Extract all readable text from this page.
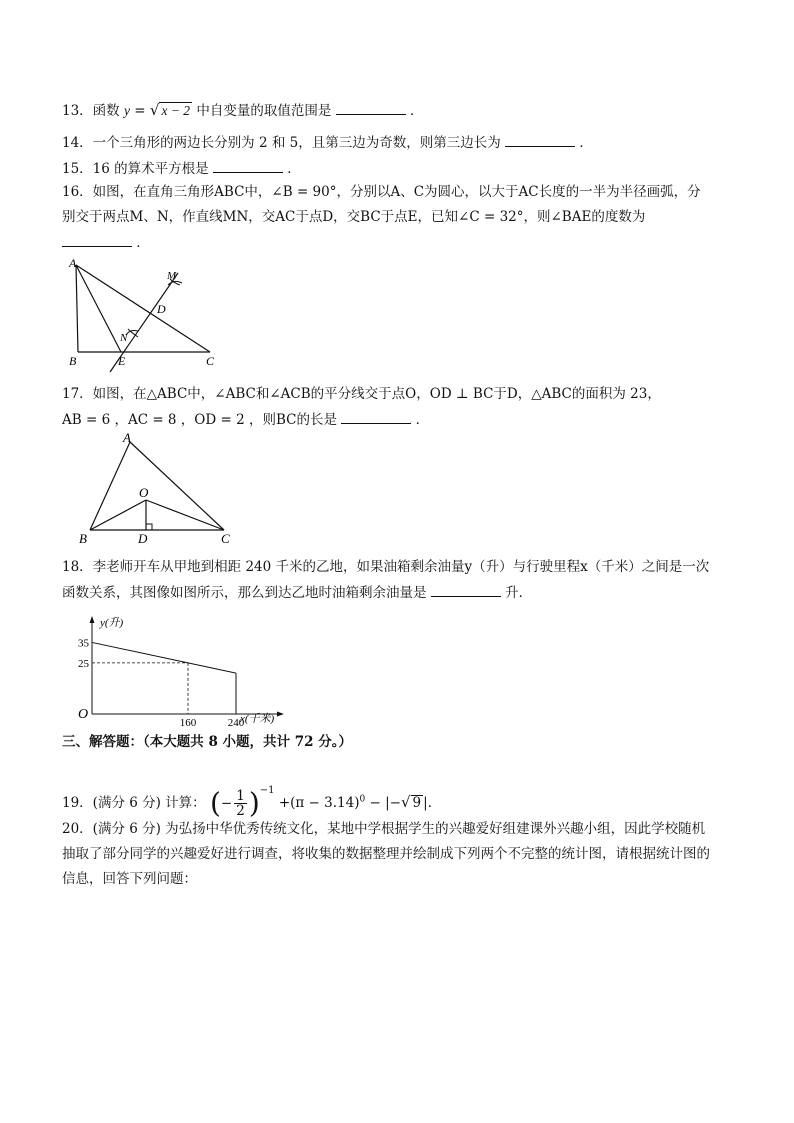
13．函数 y = √ x − 2 中自变量的取值范围是	．
14．一个三角形的两边长分别为 2 和 5，且第三边为奇数，则第三边长为	．
15．16 的算术平方根是	．
16．如图，在直角三角形ABC中，∠B = 90°，分别以A、C为圆心，以大于AC长度的一半为半径画弧，分
别交于两点M、N，作直线MN，交AC于点D，交BC于点E，已知∠C = 32°，则∠BAE的度数为
．
A
B	C
D
E
M
N
17．如图，在△ABC中，∠ABC和∠ACB的平分线交于点O，OD ⊥ BC于D，△ABC的面积为 23，
AB = 6 ，AC = 8 ，OD = 2 ，则BC的长是	．
A
B	C
D
O
18．李老师开车从甲地到相距 240 千米的乙地，如果油箱剩余油量y（升）与行驶里程x（千米）之间是一次
函数关系，其图像如图所示，那么到达乙地时油箱剩余油量是	升．
y(升)
x(千米)
O
160	240
25
35
三、解答题：（本大题共 8 小题，共计 72 分。）
19．(满分 6 分) 计算： (− $\frac{1}{2} )^{-1} +(\pi - 3.14)^0$ − |−√ 9 |．
20．(满分 6 分) 为弘扬中华优秀传统文化，某地中学根据学生的兴趣爱好组建课外兴趣小组，因此学校随机
抽取了部分同学的兴趣爱好进行调查，将收集的数据整理并绘制成下列两个不完整的统计图，请根据统计图的
信息，回答下列问题：
